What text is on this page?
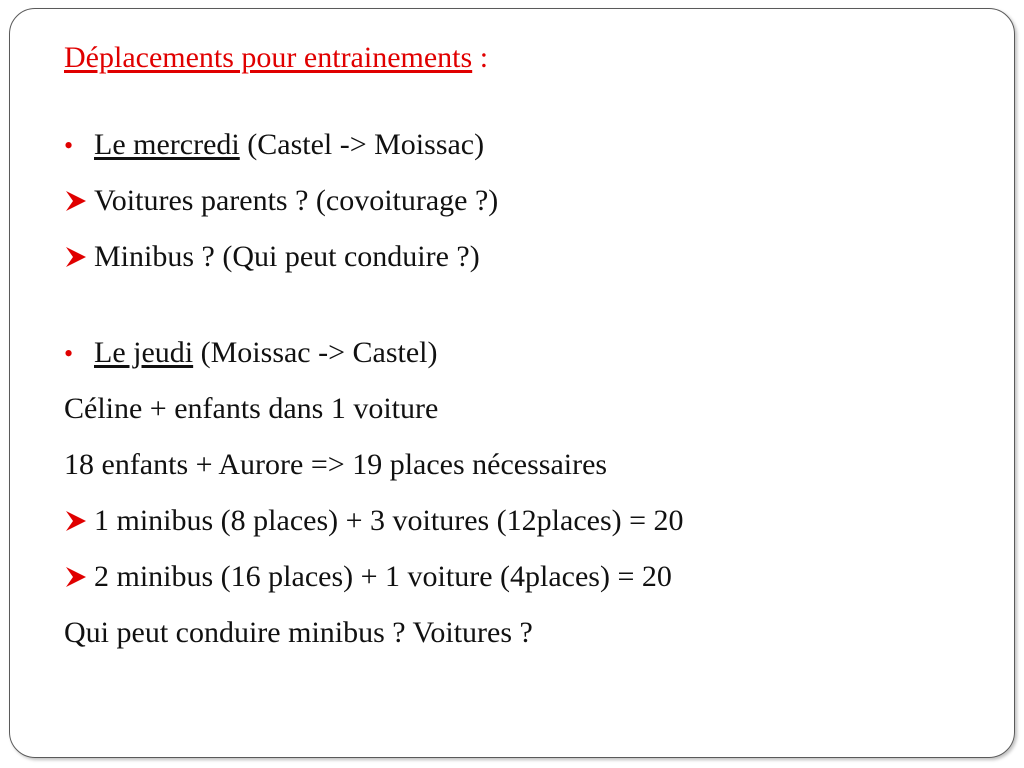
Déplacements pour entrainements :
• Le mercredi (Castel -> Moissac)
Voitures parents ? (covoiturage ?)
Minibus ? (Qui peut conduire ?)
• Le jeudi (Moissac -> Castel)
Céline + enfants dans 1 voiture
18 enfants + Aurore => 19 places nécessaires
1 minibus (8 places) + 3 voitures (12places) = 20
2 minibus (16 places) + 1 voiture (4places) = 20
Qui peut conduire minibus ? Voitures ?
